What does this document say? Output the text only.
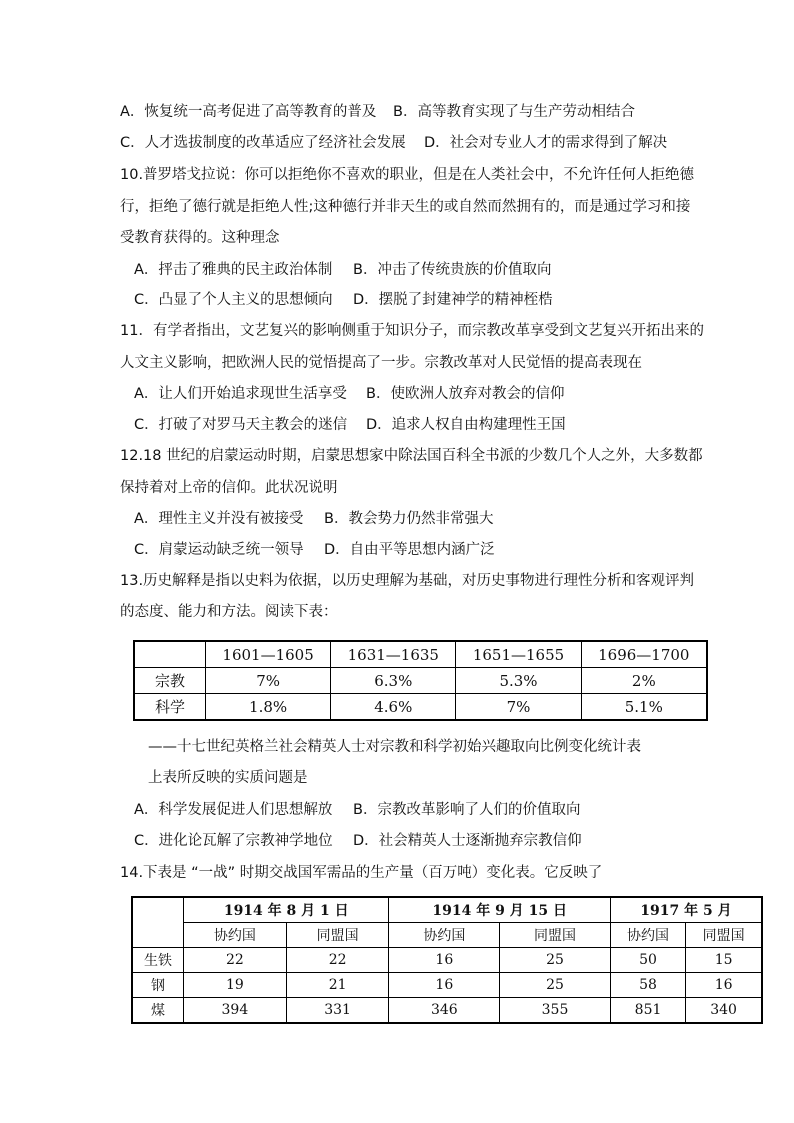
A．恢复统一高考促进了高等教育的普及 B．高等教育实现了与生产劳动相结合
C．人才选拔制度的改革适应了经济社会发展 D．社会对专业人才的需求得到了解决
10.普罗塔戈拉说：你可以拒绝你不喜欢的职业，但是在人类社会中，不允许任何人拒绝德
行，拒绝了德行就是拒绝人性;这种德行并非天生的或自然而然拥有的，而是通过学习和接
受教育获得的。这种理念
A．抨击了雅典的民主政治体制 B．冲击了传统贵族的价值取向
C．凸显了个人主义的思想倾向 D．摆脱了封建神学的精神桎梏
11．有学者指出，文艺复兴的影响侧重于知识分子，而宗教改革享受到文艺复兴开拓出来的
人文主义影响，把欧洲人民的觉悟提高了一步。宗教改革对人民觉悟的提高表现在
A．让人们开始追求现世生活享受 B．使欧洲人放弃对教会的信仰
C．打破了对罗马天主教会的迷信 D．追求人权自由构建理性王国
12.18 世纪的启蒙运动时期，启蒙思想家中除法国百科全书派的少数几个人之外，大多数都
保持着对上帝的信仰。此状况说明
A．理性主义并没有被接受 B．教会势力仍然非常强大
C．肩蒙运动缺乏统一领导 D．自由平等思想内涵广泛
13.历史解释是指以史料为依据，以历史理解为基础，对历史事物进行理性分析和客观评判
的态度、能力和方法。阅读下表：
	1601—1605	1631—1635	1651—1655	1696—1700
宗教	7%	6.3%	5.3%	2%
科学	1.8%	4.6%	7%	5.1%
——十七世纪英格兰社会精英人士对宗教和科学初始兴趣取向比例变化统计表
上表所反映的实质问题是
A．科学发展促进人们思想解放 B．宗教改革影响了人们的价值取向
C．进化论瓦解了宗教神学地位 D．社会精英人士逐渐抛弃宗教信仰
14.下表是 “一战” 时期交战国军需品的生产量（百万吨）变化表。它反映了
	1914 年 8 月 1 日		1914 年 9 月 15 日		1917 年 5 月	
	协约国	同盟国	协约国	同盟国	协约国	同盟国
生铁	22	22	16	25	50	15
钢	19	21	16	25	58	16
煤	394	331	346	355	851	340
